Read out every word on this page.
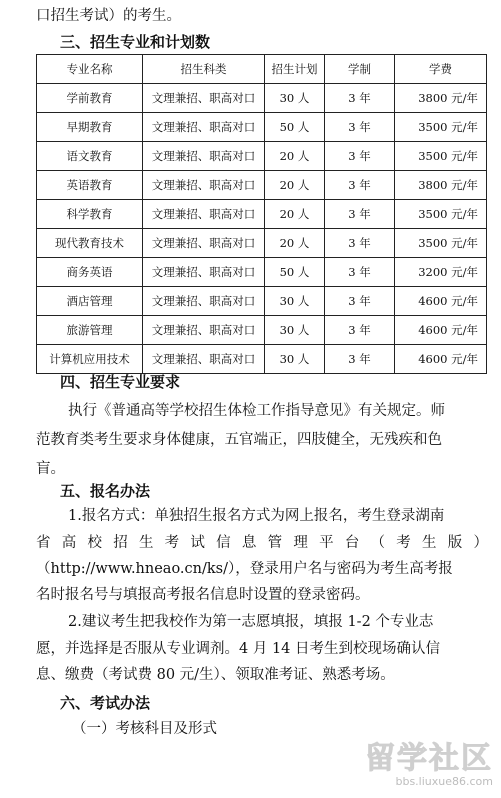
口招生考试）的考生。
三、招生专业和计划数
专业名称	招生科类	招生计划	学制	学费
学前教育	文理兼招、职高对口	30 人	3 年	3800 元/年
早期教育	文理兼招、职高对口	50 人	3 年	3500 元/年
语文教育	文理兼招、职高对口	20 人	3 年	3500 元/年
英语教育	文理兼招、职高对口	20 人	3 年	3800 元/年
科学教育	文理兼招、职高对口	20 人	3 年	3500 元/年
现代教育技术	文理兼招、职高对口	20 人	3 年	3500 元/年
商务英语	文理兼招、职高对口	50 人	3 年	3200 元/年
酒店管理	文理兼招、职高对口	30 人	3 年	4600 元/年
旅游管理	文理兼招、职高对口	30 人	3 年	4600 元/年
计算机应用技术	文理兼招、职高对口	30 人	3 年	4600 元/年
四、招生专业要求
执行《普通高等学校招生体检工作指导意见》有关规定。师
范教育类考生要求身体健康，五官端正，四肢健全，无残疾和色
盲。
五、报名办法
1.报名方式：单独招生报名方式为网上报名，考生登录湖南
省 高 校 招 生 考 试 信 息 管 理 平 台 （ 考 生 版 ）
（http://www.hneao.cn/ks/），登录用户名与密码为考生高考报
名时报名号与填报高考报名信息时设置的登录密码。
2.建议考生把我校作为第一志愿填报，填报 1-2 个专业志
愿，并选择是否服从专业调剂。4 月 14 日考生到校现场确认信
息、缴费（考试费 80 元/生）、领取准考证、熟悉考场。
六、考试办法
（一）考核科目及形式
留学社区
bbs.liuxue86.com
